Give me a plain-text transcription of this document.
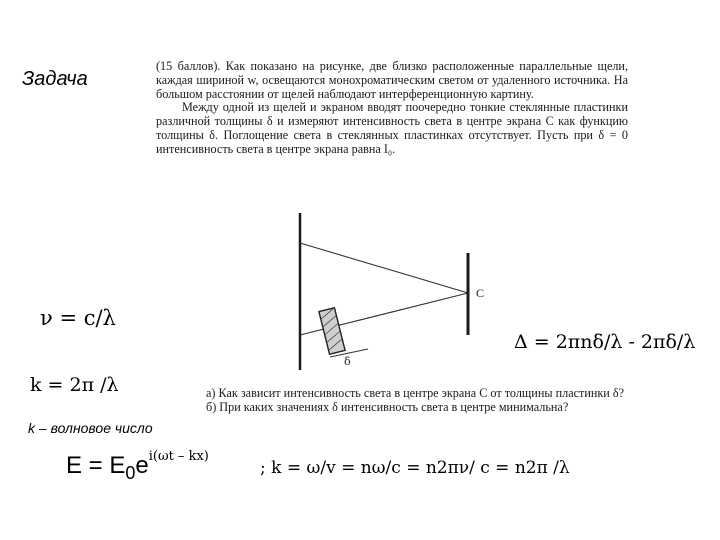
Задача

(15 баллов). Как показано на рисунке, две близко расположенные параллельные щели, каждая шириной w, освещаются монохроматическим светом от удаленного источника. На большом расстоянии от щелей наблюдают интерференционную картину.

Между одной из щелей и экраном вводят поочередно тонкие стеклянные пластинки различной толщины δ и измеряют интенсивность света в центре экрана С как функцию толщины δ. Поглощение света в стеклянных пластинках отсутствует. Пусть при δ = 0 интенсивность света в центре экрана равна I₀.

δ
С
ν = c/λ
Δ = 2πnδ/λ - 2πδ/λ
k = 2π /λ	а) Как зависит интенсивность света в центре экрана С от толщины пластинки δ?

б) При каких значениях δ интенсивность света в центре минимальна?

k – волновое число
$E = E_0e^{i(\omega t - kx)}$
; k = ω/v = nω/c = n2πν/ c = n2π /λ
